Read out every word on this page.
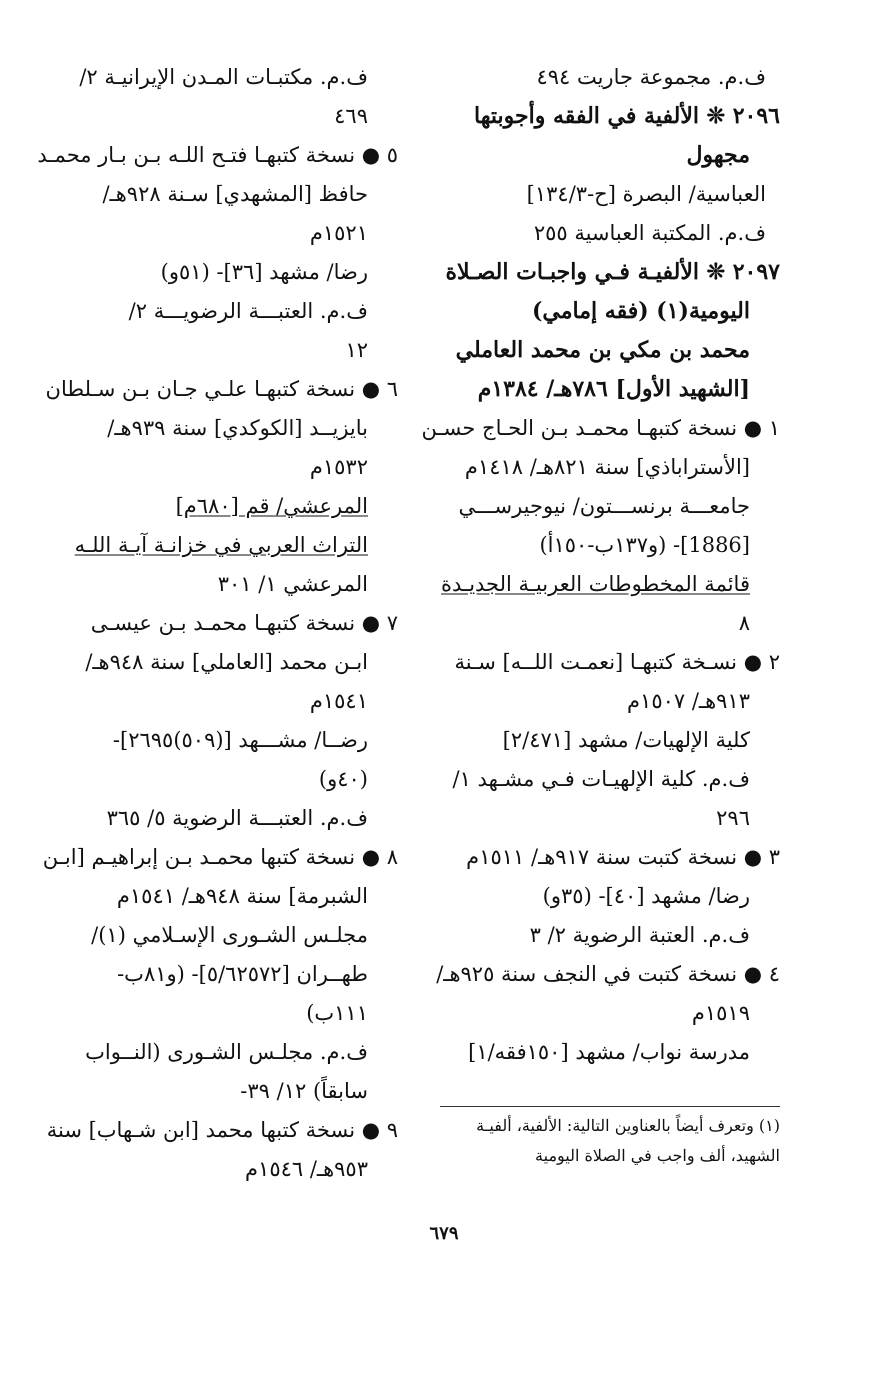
ف.م. مجموعة جاريت ٤٩٤
٢٠٩٦ ❊ الألفية في الفقه وأجوبتها
مجهول
العباسية/ البصرة [ح-١٣٤/٣]
ف.م. المكتبة العباسية ٢٥٥
٢٠٩٧ ❊ الألفيـة فـي واجبـات الصـلاة
اليومية(١) (فقه إمامي)
محمد بن مكي بن محمد العاملي
[الشهيد الأول] ٧٨٦هـ/ ١٣٨٤م
١ ● نسخة كتبهـا محمـد بـن الحـاج حسـن
[الأستراباذي] سنة ٨٢١هـ/ ١٤١٨م
جامعـــة برنســـتون/ نيوجيرســـي
[1886]- (و١٣٧ب-١٥٠أ)
قائمة المخطوطات العربيـة الجديـدة
٨
٢ ● نسـخة كتبهـا [نعمـت اللــه] سـنة
٩١٣هـ/ ١٥٠٧م
كلية الإلهيات/ مشهد [٢/٤٧١]
ف.م. كلية الإلهيـات فـي مشـهد ١/
٢٩٦
٣ ● نسخة كتبت سنة ٩١٧هـ/ ١٥١١م
رضا/ مشهد [٤٠]- (٣٥و)
ف.م. العتبة الرضوية ٢/ ٣
٤ ● نسخة كتبت في النجف سنة ٩٢٥هـ/
١٥١٩م
مدرسة نواب/ مشهد [١٥٠فقه/١]
ف.م. مكتبـات المـدن الإيرانيـة ٢/
٤٦٩
٥ ● نسخة كتبهـا فتـح اللـه بـن بـار محمـد
حافظ [المشهدي] سـنة ٩٢٨هـ/
١٥٢١م
رضا/ مشهد [٣٦]- (٥١و)
ف.م. العتبـــة الرضويـــة ٢/
١٢
٦ ● نسخة كتبهـا علـي جـان بـن سـلطان
بايزيــد [الكوكدي] سنة ٩٣٩هـ/
١٥٣٢م
المرعشي/ قم [٦٨٠م]
التراث العربي في خزانـة آيـة اللـه
المرعشي ١/ ٣٠١
٧ ● نسخة كتبهـا محمـد بـن عيسـى
ابـن محمد [العاملي] سنة ٩٤٨هـ/
١٥٤١م
رضــا/ مشـــهد [(٥٠٩)٢٦٩٥]-
(٤٠و)
ف.م. العتبـــة الرضوية ٥/ ٣٦٥
٨ ● نسخة كتبها محمـد بـن إبراهيـم [ابـن
الشبرمة] سنة ٩٤٨هـ/ ١٥٤١م
مجلـس الشـورى الإسـلامي (١)/
طهــران [٥/٦٢٥٧٢]- (و٨١ب-
١١١ب)
ف.م. مجلـس الشـورى (النــواب
سابقاً) ١٢/ ٣٩-
٩ ● نسخة كتبها محمد [ابن شـهاب] سنة
٩٥٣هـ/ ١٥٤٦م
(١) وتعرف أيضاً بالعناوين التالية: الألفية، ألفيـة
الشهيد، ألف واجب في الصلاة اليومية
٦٧٩
